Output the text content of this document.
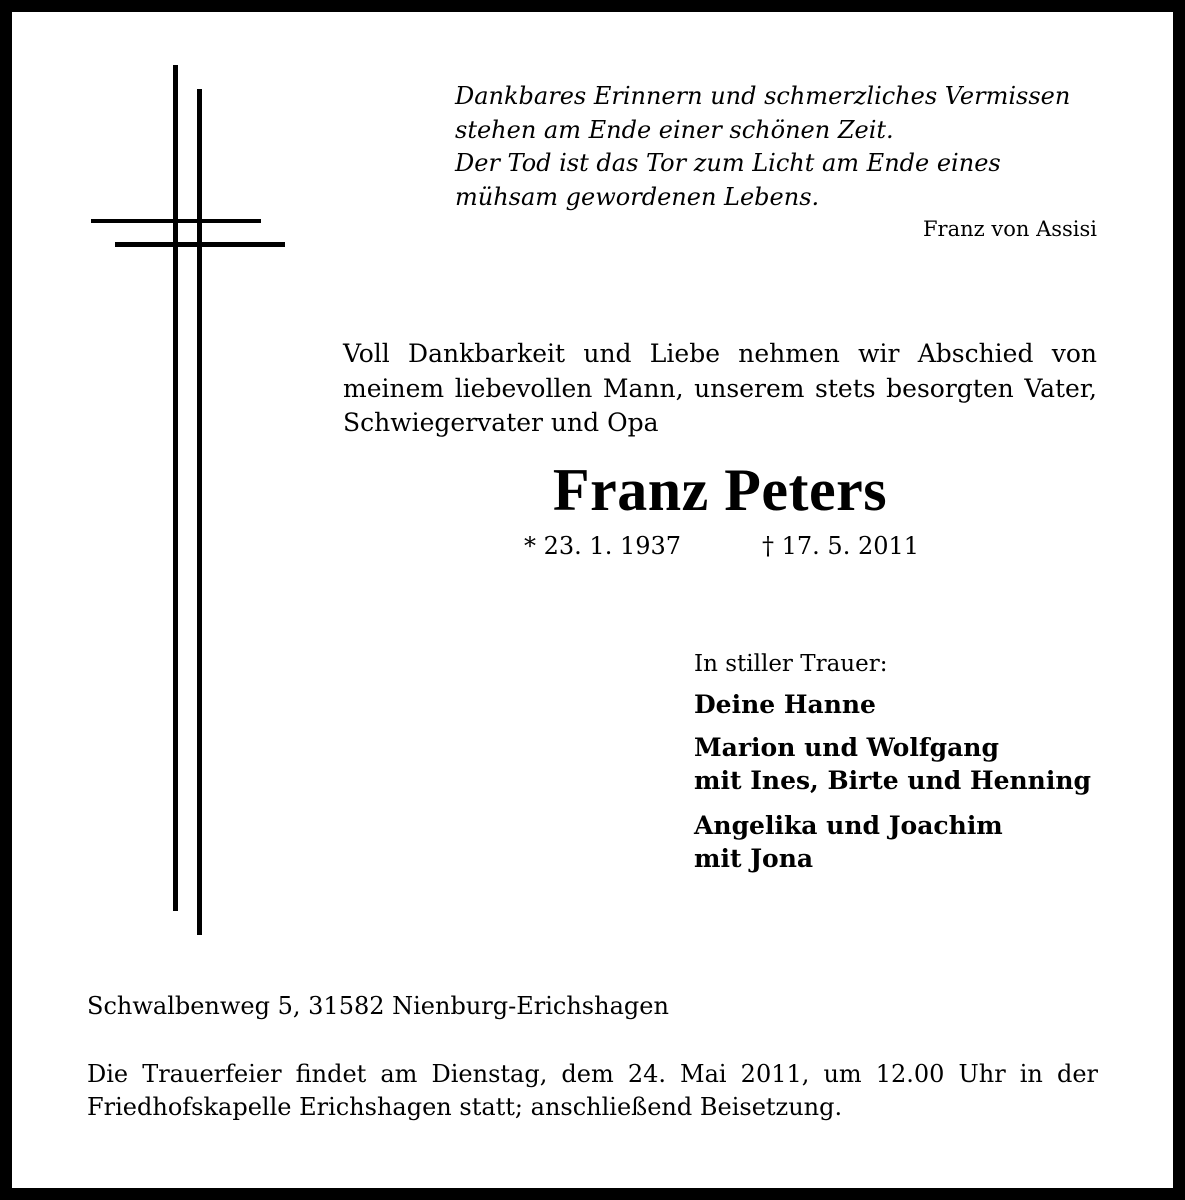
Dankbares Erinnern und schmerzliches Vermissen
stehen am Ende einer schönen Zeit.
Der Tod ist das Tor zum Licht am Ende eines
mühsam gewordenen Lebens.
Franz von Assisi
Voll Dankbarkeit und Liebe nehmen wir Abschied von
meinem liebevollen Mann, unserem stets besorgten Vater,
Schwiegervater und Opa
Franz Peters
* 23. 1. 1937	† 17. 5. 2011
In stiller Trauer:
Deine Hanne
Marion und Wolfgang
mit Ines, Birte und Henning
Angelika und Joachim
mit Jona
Schwalbenweg 5, 31582 Nienburg-Erichshagen
Die Trauerfeier findet am Dienstag, dem 24. Mai 2011, um 12.00 Uhr in der
Friedhofskapelle Erichshagen statt; anschließend Beisetzung.
